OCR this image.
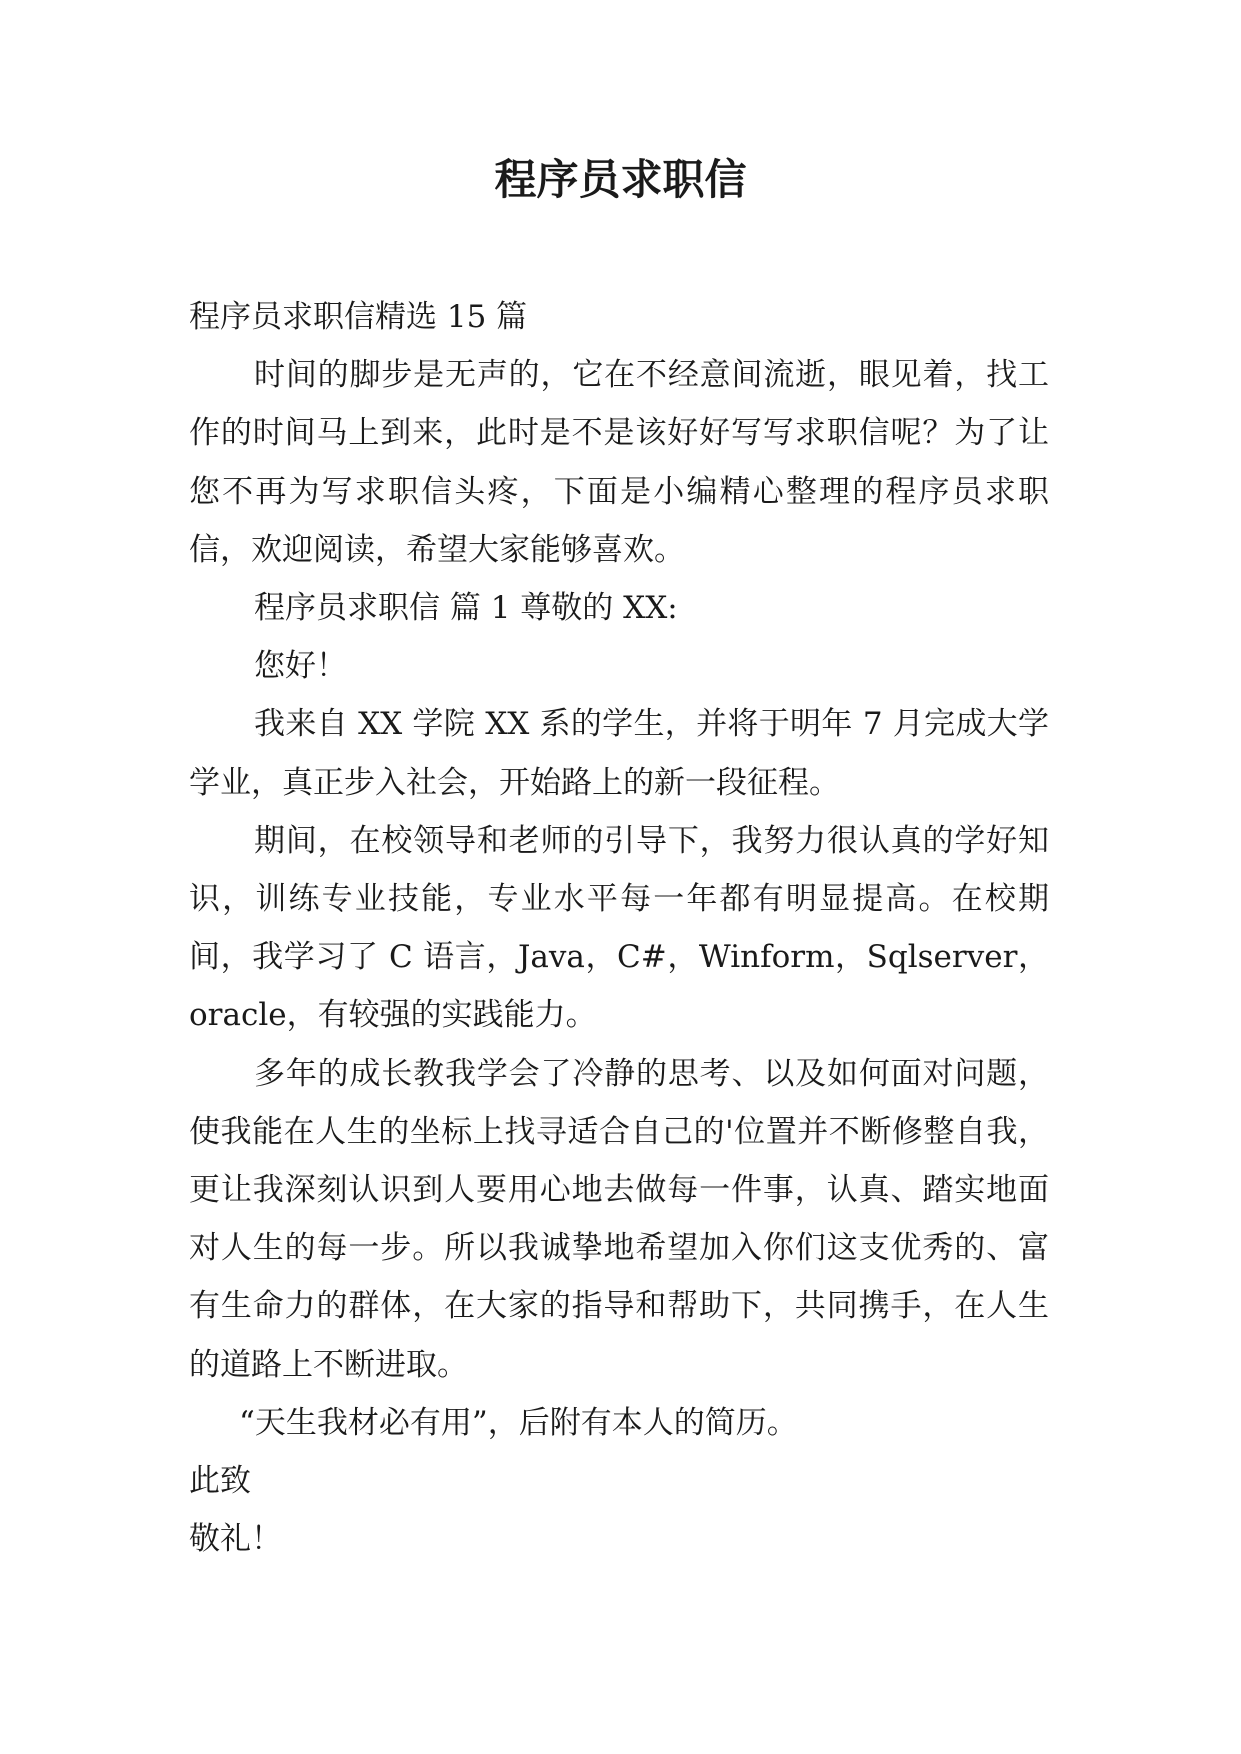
程序员求职信

程序员求职信精选 15 篇

时间的脚步是无声的，它在不经意间流逝，眼见着，找工作的时间马上到来，此时是不是该好好写写求职信呢？为了让您不再为写求职信头疼，下面是小编精心整理的程序员求职信，欢迎阅读，希望大家能够喜欢。

程序员求职信 篇 1 尊敬的 XX:

您好！

我来自 XX 学院 XX 系的学生，并将于明年 7 月完成大学学业，真正步入社会，开始路上的新一段征程。

期间，在校领导和老师的引导下，我努力很认真的学好知识，训练专业技能，专业水平每一年都有明显提高。在校期间，我学习了 C 语言，Java，C#，Winform，Sqlserver，oracle，有较强的实践能力。

多年的成长教我学会了冷静的思考、以及如何面对问题，使我能在人生的坐标上找寻适合自己的'位置并不断修整自我，更让我深刻认识到人要用心地去做每一件事，认真、踏实地面对人生的每一步。所以我诚挚地希望加入你们这支优秀的、富有生命力的群体，在大家的指导和帮助下，共同携手，在人生的道路上不断进取。

“天生我材必有用”，后附有本人的简历。

此致

敬礼！
